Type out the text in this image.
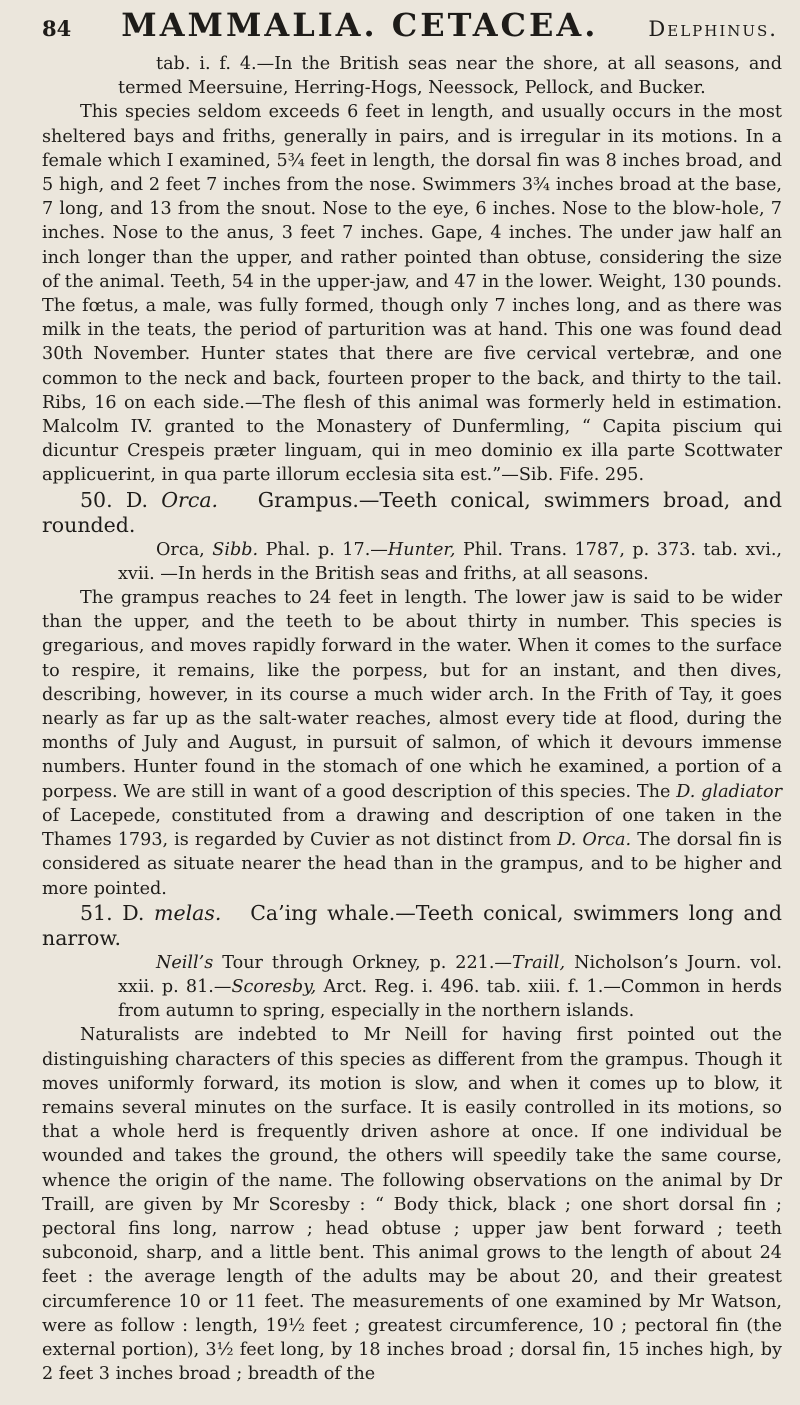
84 MAMMALIA. CETACEA. Delphinus.

tab. i. f. 4.—In the British seas near the shore, at all seasons, and termed Meersuine, Herring-Hogs, Neessock, Pellock, and Bucker.

This species seldom exceeds 6 feet in length, and usually occurs in the most sheltered bays and friths, generally in pairs, and is irregular in its motions. In a female which I examined, 5¾ feet in length, the dorsal fin was 8 inches broad, and 5 high, and 2 feet 7 inches from the nose. Swimmers 3¾ inches broad at the base, 7 long, and 13 from the snout. Nose to the eye, 6 inches. Nose to the blow-hole, 7 inches. Nose to the anus, 3 feet 7 inches. Gape, 4 inches. The under jaw half an inch longer than the upper, and rather pointed than obtuse, considering the size of the animal. Teeth, 54 in the upper-jaw, and 47 in the lower. Weight, 130 pounds. The fœtus, a male, was fully formed, though only 7 inches long, and as there was milk in the teats, the period of parturition was at hand. This one was found dead 30th November. Hunter states that there are five cervical vertebræ, and one common to the neck and back, fourteen proper to the back, and thirty to the tail. Ribs, 16 on each side.—The flesh of this animal was formerly held in estimation. Malcolm IV. granted to the Monastery of Dunfermling, “ Capita piscium qui dicuntur Crespeis præter linguam, qui in meo dominio ex illa parte Scottwater applicuerint, in qua parte illorum ecclesia sita est.”—Sib. Fife. 295.

50. D. Orca. Grampus.—Teeth conical, swimmers broad, and rounded.

Orca, Sibb. Phal. p. 17.—Hunter, Phil. Trans. 1787, p. 373. tab. xvi., xvii. —In herds in the British seas and friths, at all seasons.

The grampus reaches to 24 feet in length. The lower jaw is said to be wider than the upper, and the teeth to be about thirty in number. This species is gregarious, and moves rapidly forward in the water. When it comes to the surface to respire, it remains, like the porpess, but for an instant, and then dives, describing, however, in its course a much wider arch. In the Frith of Tay, it goes nearly as far up as the salt-water reaches, almost every tide at flood, during the months of July and August, in pursuit of salmon, of which it devours immense numbers. Hunter found in the stomach of one which he examined, a portion of a porpess. We are still in want of a good description of this species. The D. gladiator of Lacepede, constituted from a drawing and description of one taken in the Thames 1793, is regarded by Cuvier as not distinct from D. Orca. The dorsal fin is considered as situate nearer the head than in the grampus, and to be higher and more pointed.

51. D. melas. Ca’ing whale.—Teeth conical, swimmers long and narrow.

Neill’s Tour through Orkney, p. 221.—Traill, Nicholson’s Journ. vol. xxii. p. 81.—Scoresby, Arct. Reg. i. 496. tab. xiii. f. 1.—Common in herds from autumn to spring, especially in the northern islands.

Naturalists are indebted to Mr Neill for having first pointed out the distinguishing characters of this species as different from the grampus. Though it moves uniformly forward, its motion is slow, and when it comes up to blow, it remains several minutes on the surface. It is easily controlled in its motions, so that a whole herd is frequently driven ashore at once. If one individual be wounded and takes the ground, the others will speedily take the same course, whence the origin of the name. The following observations on the animal by Dr Traill, are given by Mr Scoresby : “ Body thick, black ; one short dorsal fin ; pectoral fins long, narrow ; head obtuse ; upper jaw bent forward ; teeth subconoid, sharp, and a little bent. This animal grows to the length of about 24 feet : the average length of the adults may be about 20, and their greatest circumference 10 or 11 feet. The measurements of one examined by Mr Watson, were as follow : length, 19½ feet ; greatest circumference, 10 ; pectoral fin (the external portion), 3½ feet long, by 18 inches broad ; dorsal fin, 15 inches high, by 2 feet 3 inches broad ; breadth of the
